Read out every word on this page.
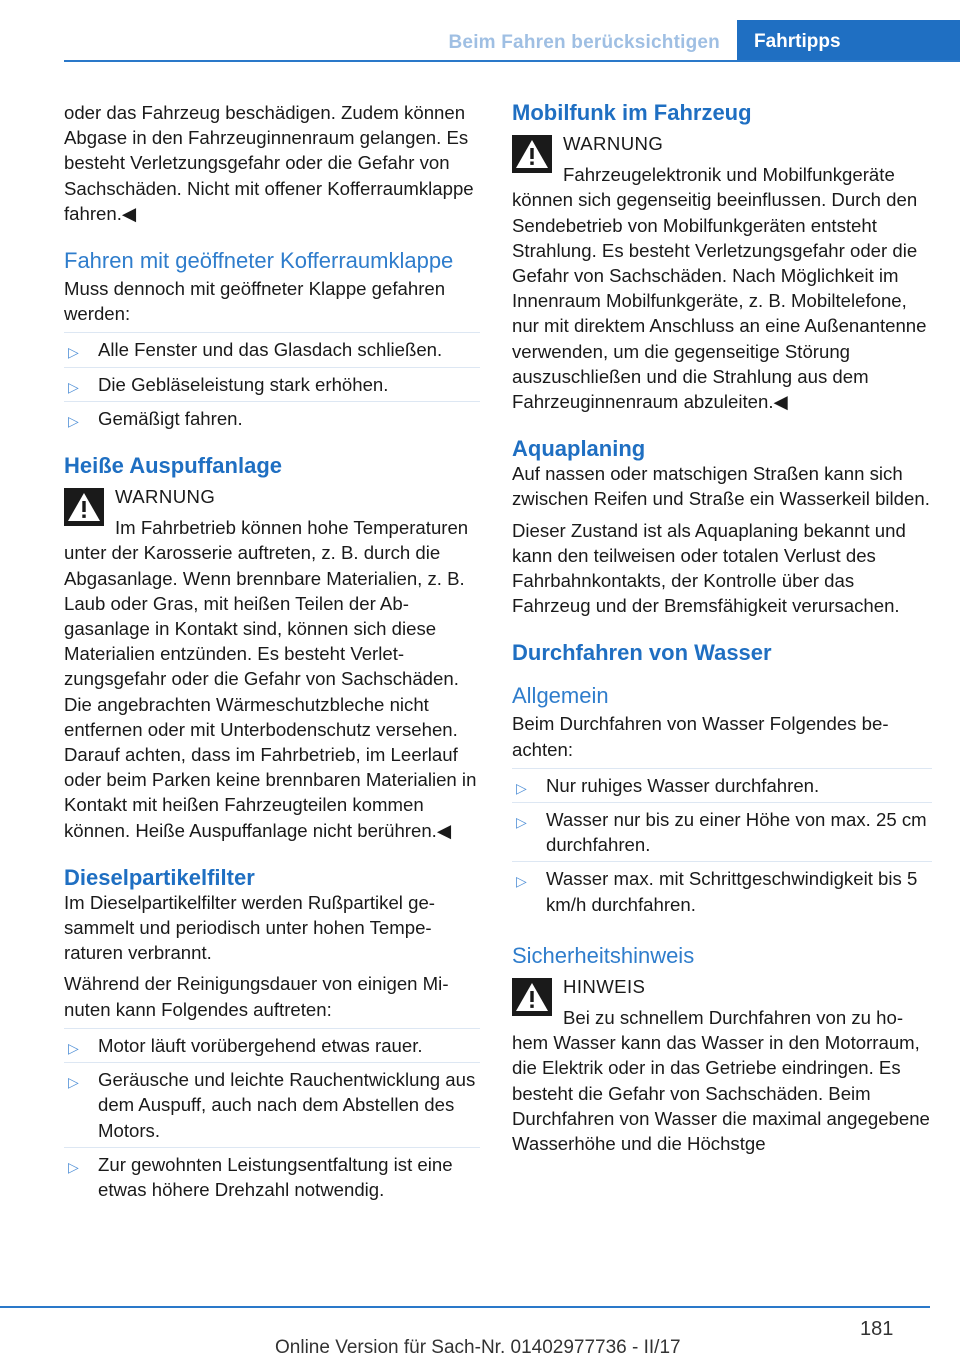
Beim Fahren berücksichtigen	Fahrtipps

oder das Fahrzeug beschädigen. Zudem können Abgase in den Fahrzeuginnenraum gelangen. Es besteht Verletzungsgefahr oder die Gefahr von Sachschäden. Nicht mit offener Kofferraumklappe fahren.◀

Fahren mit geöffneter Kofferraumklappe

Muss dennoch mit geöffneter Klappe gefahren werden:

▷ Alle Fenster und das Glasdach schließen.
▷ Die Gebläseleistung stark erhöhen.
▷ Gemäßigt fahren.
Heiße Auspuffanlage
WARNUNG

Im Fahrbetrieb können hohe Temperaturen unter der Karosserie auftreten, z. B. durch die Abgasanlage. Wenn brennbare Materialien, z. B. Laub oder Gras, mit heißen Teilen der Abgasanlage in Kontakt sind, können sich diese Materialien entzünden. Es besteht Verletzungsgefahr oder die Gefahr von Sachschäden. Die angebrachten Wärmeschutzbleche nicht entfernen oder mit Unterbodenschutz versehen. Darauf achten, dass im Fahrbetrieb, im Leerlauf oder beim Parken keine brennbaren Materialien in Kontakt mit heißen Fahrzeugteilen kommen können. Heiße Auspuffanlage nicht berühren.◀

Dieselpartikelfilter

Im Dieselpartikelfilter werden Rußpartikel gesammelt und periodisch unter hohen Temperaturen verbrannt.

Während der Reinigungsdauer von einigen Minuten kann Folgendes auftreten:

▷ Motor läuft vorübergehend etwas rauer.
▷ Geräusche und leichte Rauchentwicklung aus dem Auspuff, auch nach dem Abstellen des Motors.
▷ Zur gewohnten Leistungsentfaltung ist eine etwas höhere Drehzahl notwendig.
Mobilfunk im Fahrzeug
WARNUNG

Fahrzeugelektronik und Mobilfunkgeräte können sich gegenseitig beeinflussen. Durch den Sendebetrieb von Mobilfunkgeräten entsteht Strahlung. Es besteht Verletzungsgefahr oder die Gefahr von Sachschäden. Nach Möglichkeit im Innenraum Mobilfunkgeräte, z. B. Mobiltelefone, nur mit direktem Anschluss an eine Außenantenne verwenden, um die gegenseitige Störung auszuschließen und die Strahlung aus dem Fahrzeuginnenraum abzuleiten.◀

Aquaplaning

Auf nassen oder matschigen Straßen kann sich zwischen Reifen und Straße ein Wasserkeil bilden.

Dieser Zustand ist als Aquaplaning bekannt und kann den teilweisen oder totalen Verlust des Fahrbahnkontakts, der Kontrolle über das Fahrzeug und der Bremsfähigkeit verursachen.

Durchfahren von Wasser
Allgemein

Beim Durchfahren von Wasser Folgendes beachten:

▷ Nur ruhiges Wasser durchfahren.
▷ Wasser nur bis zu einer Höhe von max. 25 cm durchfahren.
▷ Wasser max. mit Schrittgeschwindigkeit bis 5 km/h durchfahren.
Sicherheitshinweis
HINWEIS

Bei zu schnellem Durchfahren von zu hohem Wasser kann das Wasser in den Motorraum, die Elektrik oder in das Getriebe eindringen. Es besteht die Gefahr von Sachschäden. Beim Durchfahren von Wasser die maximal angegebene Wasserhöhe und die Höchstge

181
Online Version für Sach-Nr. 01402977736 - II/17
